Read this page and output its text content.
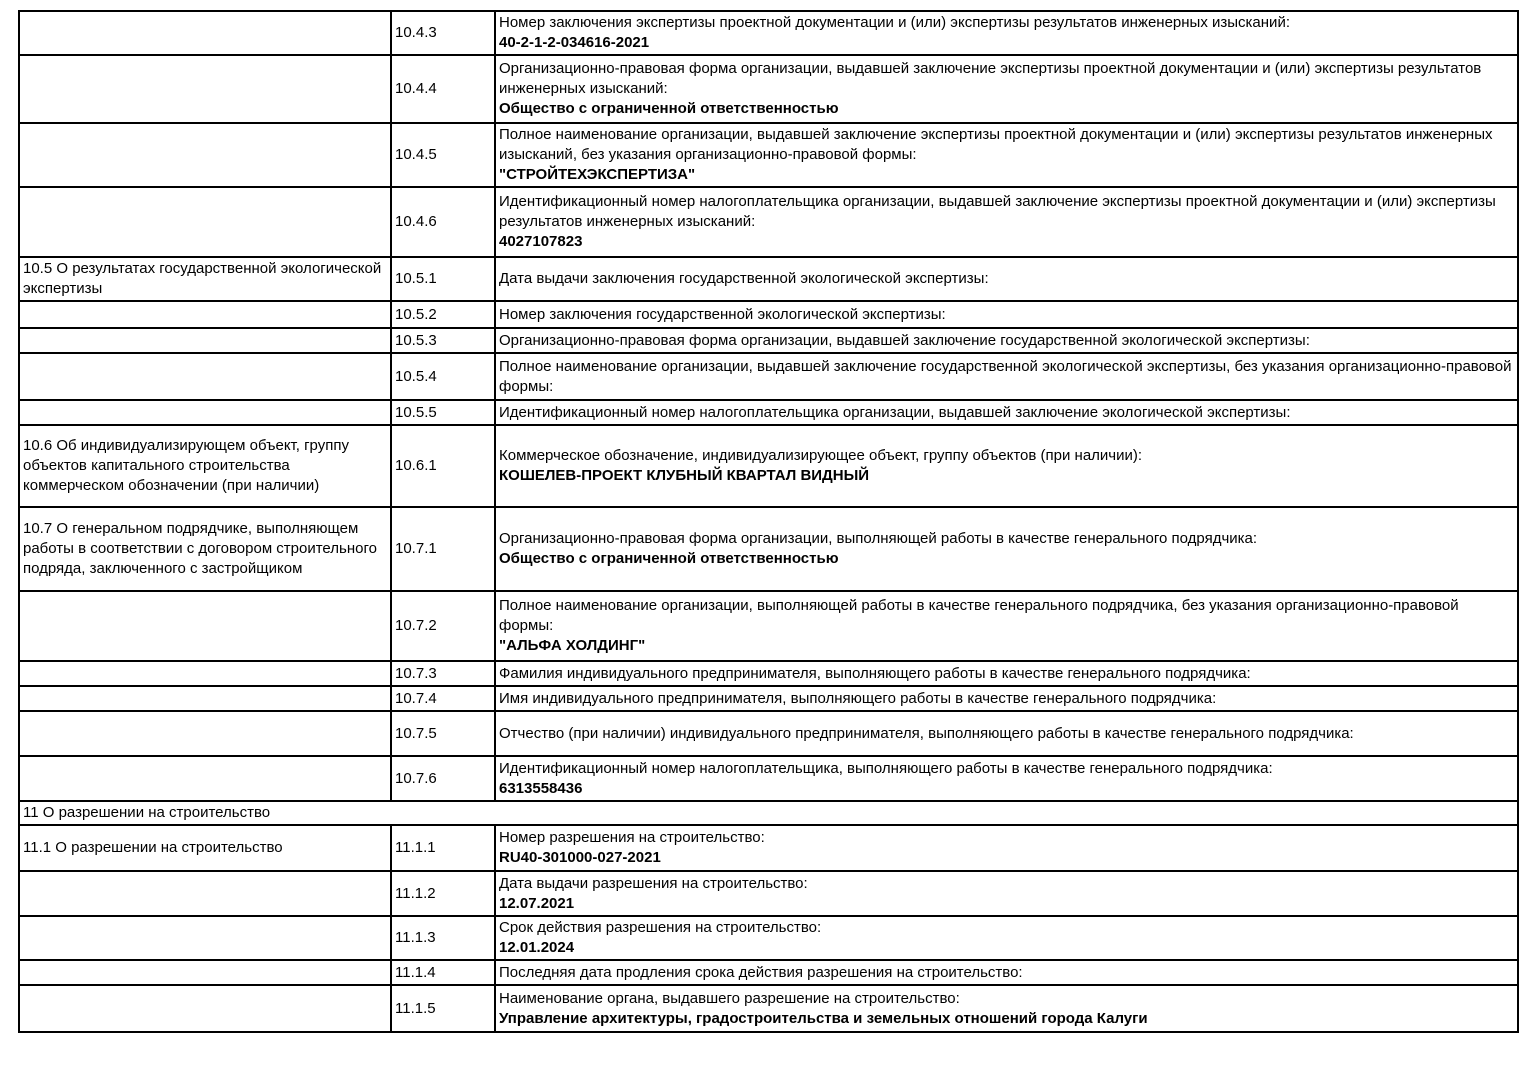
	10.4.3	Номер заключения экспертизы проектной документации и (или) экспертизы результатов инженерных изысканий:
40-2-1-2-034616-2021

	10.4.4	Организационно-правовая форма организации, выдавшей заключение экспертизы проектной документации и (или) экспертизы результатов инженерных изысканий:
Общество с ограниченной ответственностью

	10.4.5	Полное наименование организации, выдавшей заключение экспертизы проектной документации и (или) экспертизы результатов инженерных изысканий, без указания организационно-правовой формы:
"СТРОЙТЕХЭКСПЕРТИЗА"

	10.4.6	Идентификационный номер налогоплательщика организации, выдавшей заключение экспертизы проектной документации и (или) экспертизы результатов инженерных изысканий:
4027107823

10.5 О результатах государственной экологической экспертизы	10.5.1	Дата выдачи заключения государственной экологической экспертизы:

	10.5.2	Номер заключения государственной экологической экспертизы:

	10.5.3	Организационно-правовая форма организации, выдавшей заключение государственной экологической экспертизы:

	10.5.4	Полное наименование организации, выдавшей заключение государственной экологической экспертизы, без указания организационно-правовой формы:

	10.5.5	Идентификационный номер налогоплательщика организации, выдавшей заключение экологической экспертизы:

10.6 Об индивидуализирующем объект, группу объектов капитального строительства коммерческом обозначении (при наличии)	10.6.1	Коммерческое обозначение, индивидуализирующее объект, группу объектов (при наличии):
КОШЕЛЕВ-ПРОЕКТ КЛУБНЫЙ КВАРТАЛ ВИДНЫЙ

10.7 О генеральном подрядчике, выполняющем работы в соответствии с договором строительного подряда, заключенного с застройщиком	10.7.1	Организационно-правовая форма организации, выполняющей работы в качестве генерального подрядчика:
Общество с ограниченной ответственностью

	10.7.2	Полное наименование организации, выполняющей работы в качестве генерального подрядчика, без указания организационно-правовой формы:
"АЛЬФА ХОЛДИНГ"

	10.7.3	Фамилия индивидуального предпринимателя, выполняющего работы в качестве генерального подрядчика:

	10.7.4	Имя индивидуального предпринимателя, выполняющего работы в качестве генерального подрядчика:

	10.7.5	Отчество (при наличии) индивидуального предпринимателя, выполняющего работы в качестве генерального подрядчика:

	10.7.6	Идентификационный номер налогоплательщика, выполняющего работы в качестве генерального подрядчика:
6313558436

11 О разрешении на строительство		

11.1 О разрешении на строительство	11.1.1	Номер разрешения на строительство:
RU40-301000-027-2021

	11.1.2	Дата выдачи разрешения на строительство:
12.07.2021

	11.1.3	Срок действия разрешения на строительство:
12.01.2024

	11.1.4	Последняя дата продления срока действия разрешения на строительство:

	11.1.5	Наименование органа, выдавшего разрешение на строительство:
Управление архитектуры, градостроительства и земельных отношений города Калуги
